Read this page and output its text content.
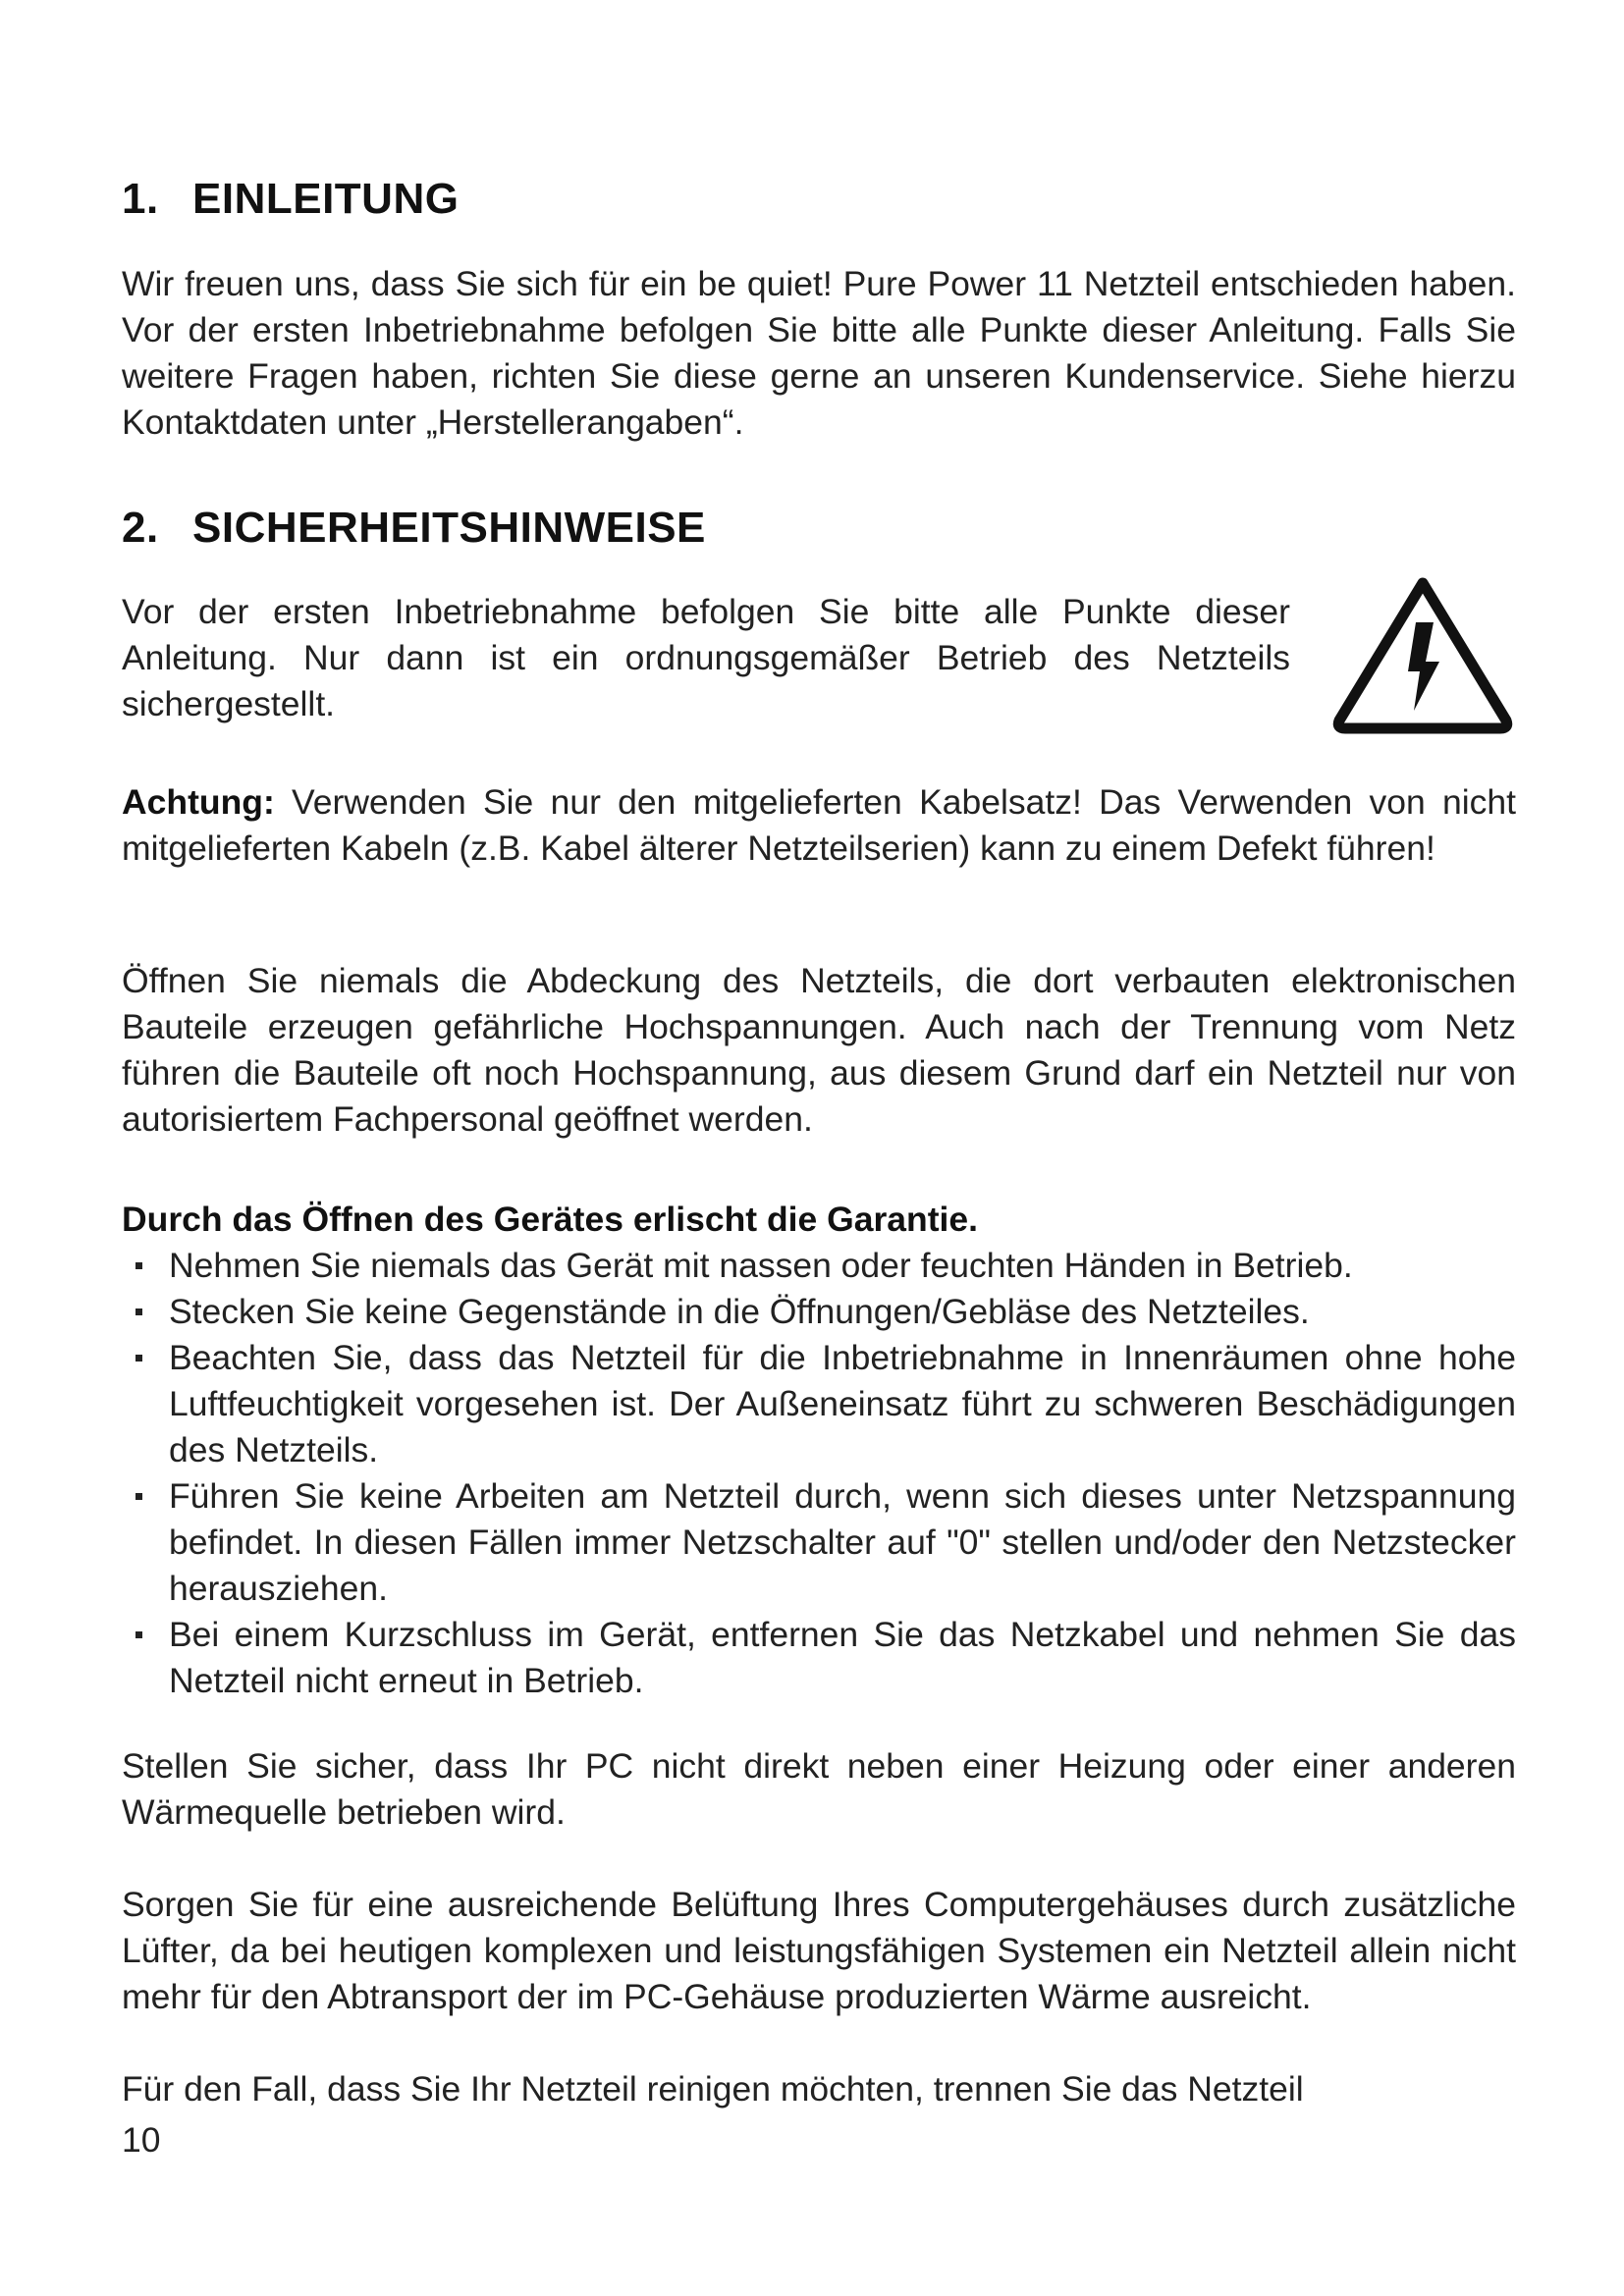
1. EINLEITUNG

Wir freuen uns, dass Sie sich für ein be quiet! Pure Power 11 Netzteil entschieden haben. Vor der ersten Inbetriebnahme befolgen Sie bitte alle Punkte dieser Anleitung. Falls Sie weitere Fragen haben, richten Sie diese gerne an unseren Kundenservice. Siehe hierzu Kontaktdaten unter „Herstellerangaben“.

2. SICHERHEITSHINWEISE

Vor der ersten Inbetriebnahme befolgen Sie bitte alle Punkte dieser Anleitung. Nur dann ist ein ordnungsgemäßer Betrieb des Netzteils sichergestellt.

Achtung: Verwenden Sie nur den mitgelieferten Kabelsatz! Das Verwenden von nicht mitgelieferten Kabeln (z.B. Kabel älterer Netzteilserien) kann zu einem Defekt führen!

Öffnen Sie niemals die Abdeckung des Netzteils, die dort verbauten elektronischen Bauteile erzeugen gefährliche Hochspannungen. Auch nach der Trennung vom Netz führen die Bauteile oft noch Hochspannung, aus diesem Grund darf ein Netzteil nur von autorisiertem Fachpersonal geöffnet werden.

Durch das Öffnen des Gerätes erlischt die Garantie.

Nehmen Sie niemals das Gerät mit nassen oder feuchten Händen in Betrieb.
Stecken Sie keine Gegenstände in die Öffnungen/Gebläse des Netzteiles.
Beachten Sie, dass das Netzteil für die Inbetriebnahme in Innenräumen ohne hohe Luftfeuchtigkeit vorgesehen ist. Der Außeneinsatz führt zu schweren Beschädigungen des Netzteils.
Führen Sie keine Arbeiten am Netzteil durch, wenn sich dieses unter Netzspannung befindet. In diesen Fällen immer Netzschalter auf "0" stellen und/oder den Netzstecker herausziehen.
Bei einem Kurzschluss im Gerät, entfernen Sie das Netzkabel und nehmen Sie das Netzteil nicht erneut in Betrieb.

Stellen Sie sicher, dass Ihr PC nicht direkt neben einer Heizung oder einer anderen Wärmequelle betrieben wird.

Sorgen Sie für eine ausreichende Belüftung Ihres Computergehäuses durch zusätzliche Lüfter, da bei heutigen komplexen und leistungsfähigen Systemen ein Netzteil allein nicht mehr für den Abtransport der im PC-Gehäuse produzierten Wärme ausreicht.

Für den Fall, dass Sie Ihr Netzteil reinigen möchten, trennen Sie das Netzteil

10
